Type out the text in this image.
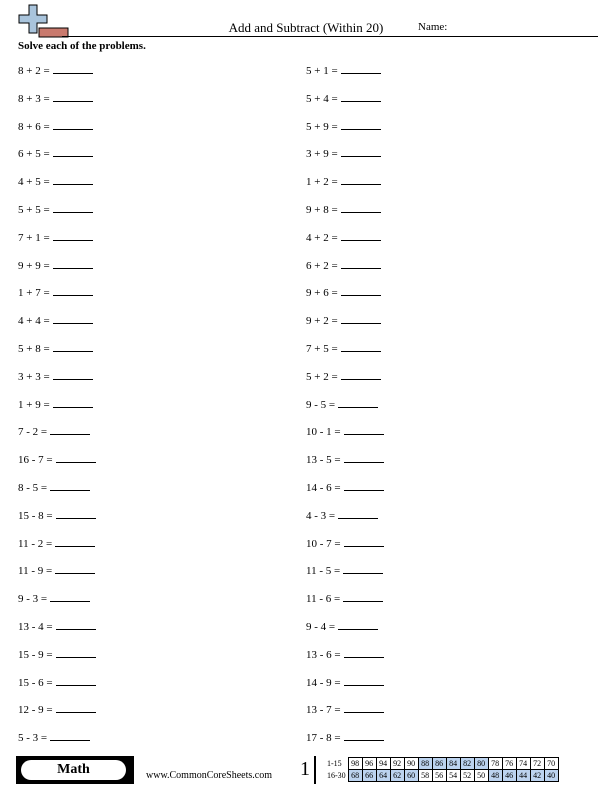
Add and Subtract (Within 20)	Name:
Solve each of the problems.
8 + 2 =
8 + 3 =
8 + 6 =
6 + 5 =
4 + 5 =
5 + 5 =
7 + 1 =
9 + 9 =
1 + 7 =
4 + 4 =
5 + 8 =
3 + 3 =
1 + 9 =
7 - 2 =
16 - 7 =
8 - 5 =
15 - 8 =
11 - 2 =
11 - 9 =
9 - 3 =
13 - 4 =
15 - 9 =
15 - 6 =
12 - 9 =
5 - 3 =
5 + 1 =
5 + 4 =
5 + 9 =
3 + 9 =
1 + 2 =
9 + 8 =
4 + 2 =
6 + 2 =
9 + 6 =
9 + 2 =
7 + 5 =
5 + 2 =
9 - 5 =
10 - 1 =
13 - 5 =
14 - 6 =
4 - 3 =
10 - 7 =
11 - 5 =
11 - 6 =
9 - 4 =
13 - 6 =
14 - 9 =
13 - 7 =
17 - 8 =
Math	www.CommonCoreSheets.com 1 1-15	98	96	94	92	90	88	86	84	82	80	78	76	74	72	70
16-30	68	66	64	62	60	58	56	54	52	50	48	46	44	42	40
